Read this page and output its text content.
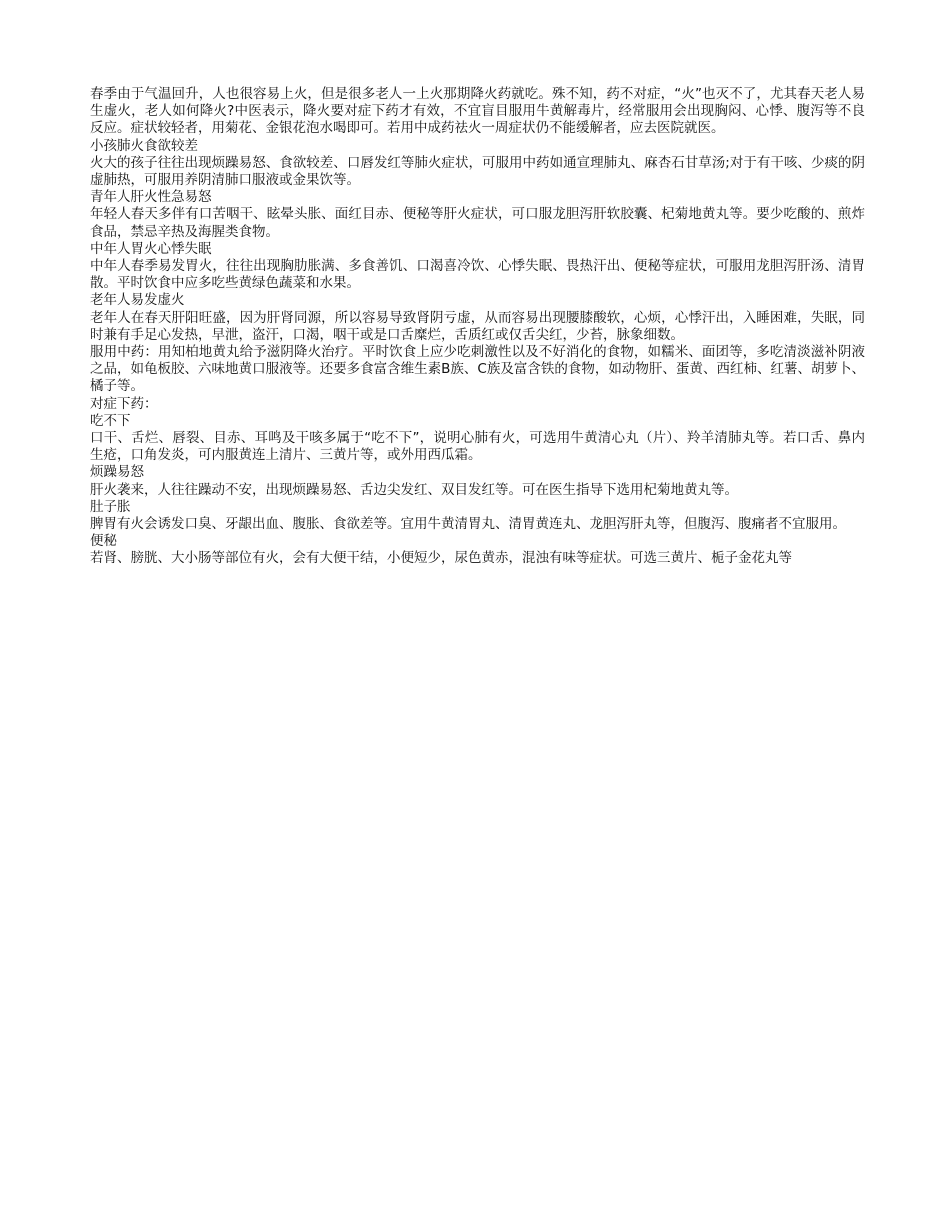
春季由于气温回升，人也很容易上火，但是很多老人一上火那期降火药就吃。殊不知，药不对症，“火”也灭不了，尤其春天老人易生虚火，老人如何降火?中医表示，降火要对症下药才有效，不宜盲目服用牛黄解毒片，经常服用会出现胸闷、心悸、腹泻等不良反应。症状较轻者，用菊花、金银花泡水喝即可。若用中成药祛火一周症状仍不能缓解者，应去医院就医。

小孩肺火食欲较差

火大的孩子往往出现烦躁易怒、食欲较差、口唇发红等肺火症状，可服用中药如通宣理肺丸、麻杏石甘草汤;对于有干咳、少痰的阴虚肺热，可服用养阴清肺口服液或金果饮等。

青年人肝火性急易怒

年轻人春天多伴有口苦咽干、眩晕头胀、面红目赤、便秘等肝火症状，可口服龙胆泻肝软胶囊、杞菊地黄丸等。要少吃酸的、煎炸食品，禁忌辛热及海腥类食物。

中年人胃火心悸失眠

中年人春季易发胃火，往往出现胸肋胀满、多食善饥、口渴喜冷饮、心悸失眠、畏热汗出、便秘等症状，可服用龙胆泻肝汤、清胃散。平时饮食中应多吃些黄绿色蔬菜和水果。

老年人易发虚火

老年人在春天肝阳旺盛，因为肝肾同源，所以容易导致肾阴亏虚，从而容易出现腰膝酸软，心烦，心悸汗出，入睡困难，失眠，同时兼有手足心发热，早泄，盗汗，口渴，咽干或是口舌糜烂，舌质红或仅舌尖红，少苔，脉象细数。

服用中药：用知柏地黄丸给予滋阴降火治疗。平时饮食上应少吃刺激性以及不好消化的食物，如糯米、面团等，多吃清淡滋补阴液之品，如龟板胶、六味地黄口服液等。还要多食富含维生素B族、C族及富含铁的食物，如动物肝、蛋黄、西红柿、红薯、胡萝卜、橘子等。

对症下药：

吃不下

口干、舌烂、唇裂、目赤、耳鸣及干咳多属于“吃不下”，说明心肺有火，可选用牛黄清心丸（片）、羚羊清肺丸等。若口舌、鼻内生疮，口角发炎，可内服黄连上清片、三黄片等，或外用西瓜霜。

烦躁易怒

肝火袭来，人往往躁动不安，出现烦躁易怒、舌边尖发红、双目发红等。可在医生指导下选用杞菊地黄丸等。

肚子胀

脾胃有火会诱发口臭、牙龈出血、腹胀、食欲差等。宜用牛黄清胃丸、清胃黄连丸、龙胆泻肝丸等，但腹泻、腹痛者不宜服用。

便秘

若肾、膀胱、大小肠等部位有火，会有大便干结，小便短少，尿色黄赤，混浊有味等症状。可选三黄片、栀子金花丸等
